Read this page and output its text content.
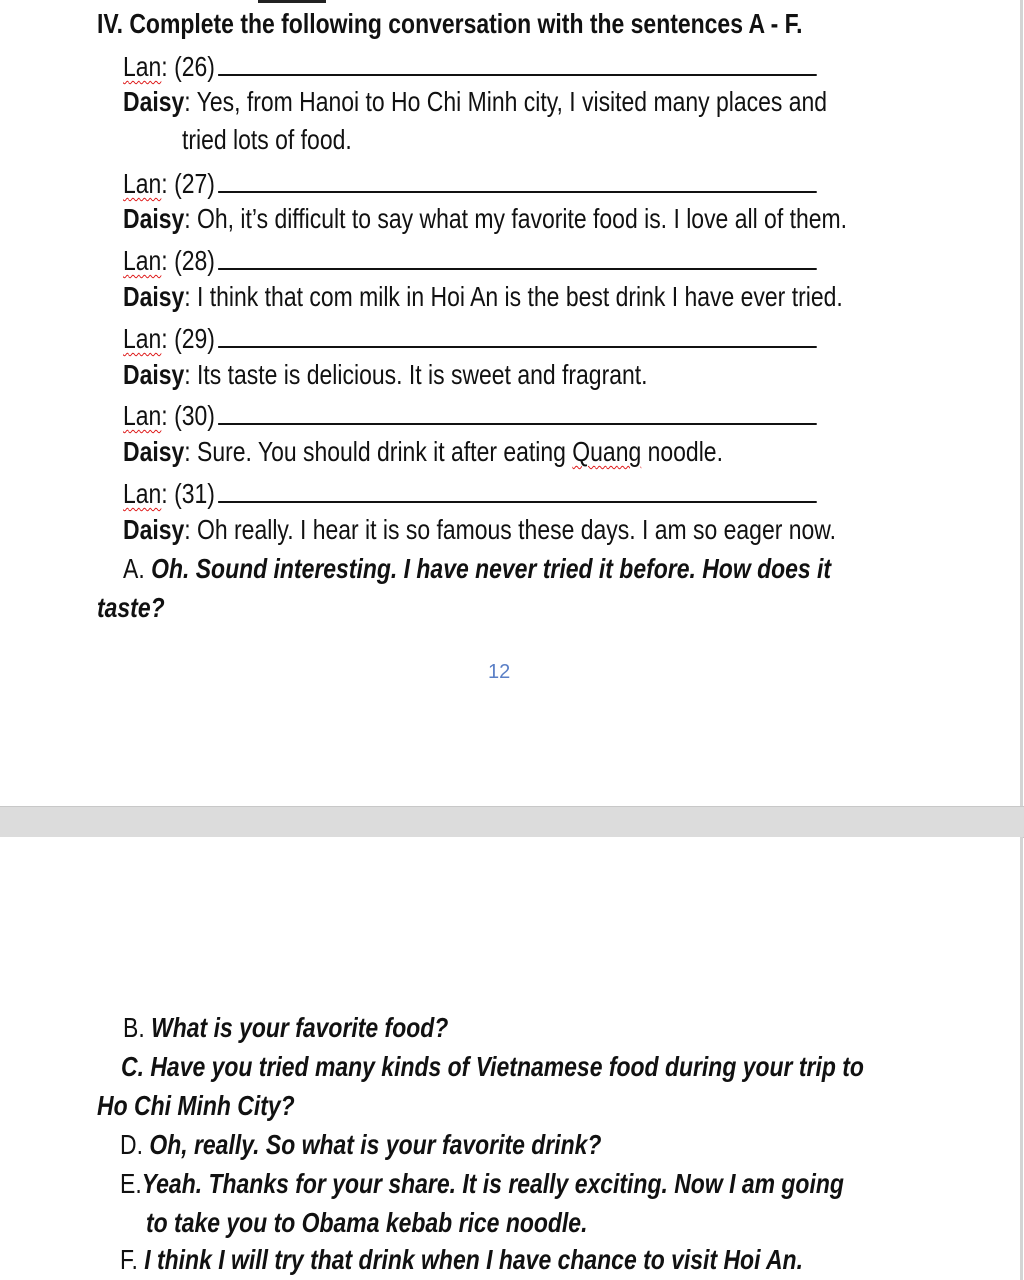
IV. Complete the following conversation with the sentences A - F.
Lan: (26)
Daisy: Yes, from Hanoi to Ho Chi Minh city, I visited many places and
tried lots of food.
Lan: (27)
Daisy: Oh, it’s difficult to say what my favorite food is. I love all of them.
Lan: (28)
Daisy: I think that com milk in Hoi An is the best drink I have ever tried.
Lan: (29)
Daisy: Its taste is delicious. It is sweet and fragrant.
Lan: (30)
Daisy: Sure. You should drink it after eating Quang noodle.
Lan: (31)
Daisy: Oh really. I hear it is so famous these days. I am so eager now.
A. Oh. Sound interesting. I have never tried it before. How does it
taste?
12
B. What is your favorite food?
C. Have you tried many kinds of Vietnamese food during your trip to
Ho Chi Minh City?
D. Oh, really. So what is your favorite drink?
E.Yeah. Thanks for your share. It is really exciting. Now I am going
to take you to Obama kebab rice noodle.
F. I think I will try that drink when I have chance to visit Hoi An.
